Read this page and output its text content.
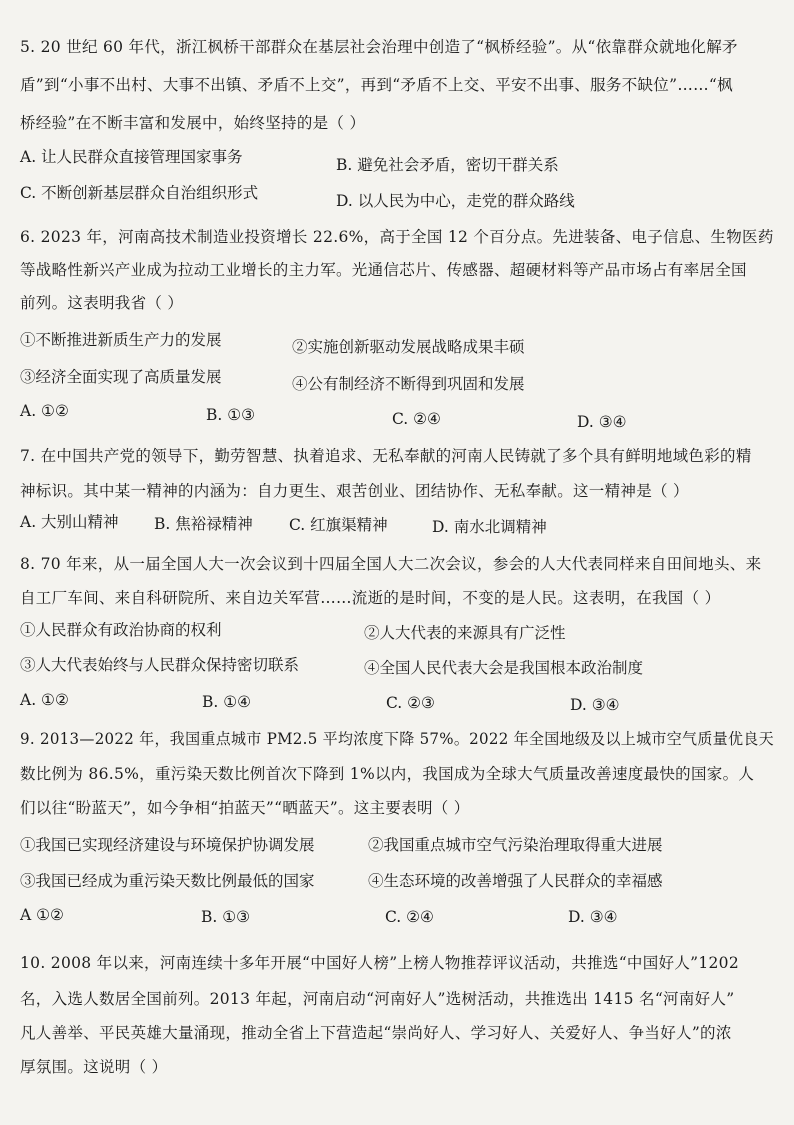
5. 20 世纪 60 年代，浙江枫桥干部群众在基层社会治理中创造了“枫桥经验”。从“依靠群众就地化解矛
盾”到“小事不出村、大事不出镇、矛盾不上交”，再到“矛盾不上交、平安不出事、服务不缺位”……“枫
桥经验”在不断丰富和发展中，始终坚持的是（ ）
A. 让人民群众直接管理国家事务	B. 避免社会矛盾，密切干群关系
C. 不断创新基层群众自治组织形式	D. 以人民为中心，走党的群众路线
6. 2023 年，河南高技术制造业投资增长 22.6%，高于全国 12 个百分点。先进装备、电子信息、生物医药
等战略性新兴产业成为拉动工业增长的主力军。光通信芯片、传感器、超硬材料等产品市场占有率居全国
前列。这表明我省（ ）
①不断推进新质生产力的发展	②实施创新驱动发展战略成果丰硕
③经济全面实现了高质量发展	④公有制经济不断得到巩固和发展
A. ①②	B. ①③	C. ②④	D. ③④
7. 在中国共产党的领导下，勤劳智慧、执着追求、无私奉献的河南人民铸就了多个具有鲜明地域色彩的精
神标识。其中某一精神的内涵为：自力更生、艰苦创业、团结协作、无私奉献。这一精神是（ ）
A. 大别山精神 B. 焦裕禄精神 C. 红旗渠精神	D. 南水北调精神
8. 70 年来，从一届全国人大一次会议到十四届全国人大二次会议，参会的人大代表同样来自田间地头、来
自工厂车间、来自科研院所、来自边关军营……流逝的是时间，不变的是人民。这表明，在我国（ ）
①人民群众有政治协商的权利	②人大代表的来源具有广泛性
③人大代表始终与人民群众保持密切联系	④全国人民代表大会是我国根本政治制度
A. ①②	B. ①④	C. ②③	D. ③④
9. 2013—2022 年，我国重点城市 PM2.5 平均浓度下降 57%。2022 年全国地级及以上城市空气质量优良天
数比例为 86.5%，重污染天数比例首次下降到 1%以内，我国成为全球大气质量改善速度最快的国家。人
们以往“盼蓝天”，如今争相“拍蓝天”“晒蓝天”。这主要表明（ ）
①我国已实现经济建设与环境保护协调发展	②我国重点城市空气污染治理取得重大进展
③我国已经成为重污染天数比例最低的国家	④生态环境的改善增强了人民群众的幸福感
A ①②	B. ①③	C. ②④	D. ③④
10. 2008 年以来，河南连续十多年开展“中国好人榜”上榜人物推荐评议活动，共推选“中国好人”1202
名，入选人数居全国前列。2013 年起，河南启动“河南好人”选树活动，共推选出 1415 名“河南好人”
凡人善举、平民英雄大量涌现，推动全省上下营造起“崇尚好人、学习好人、关爱好人、争当好人”的浓
厚氛围。这说明（ ）
